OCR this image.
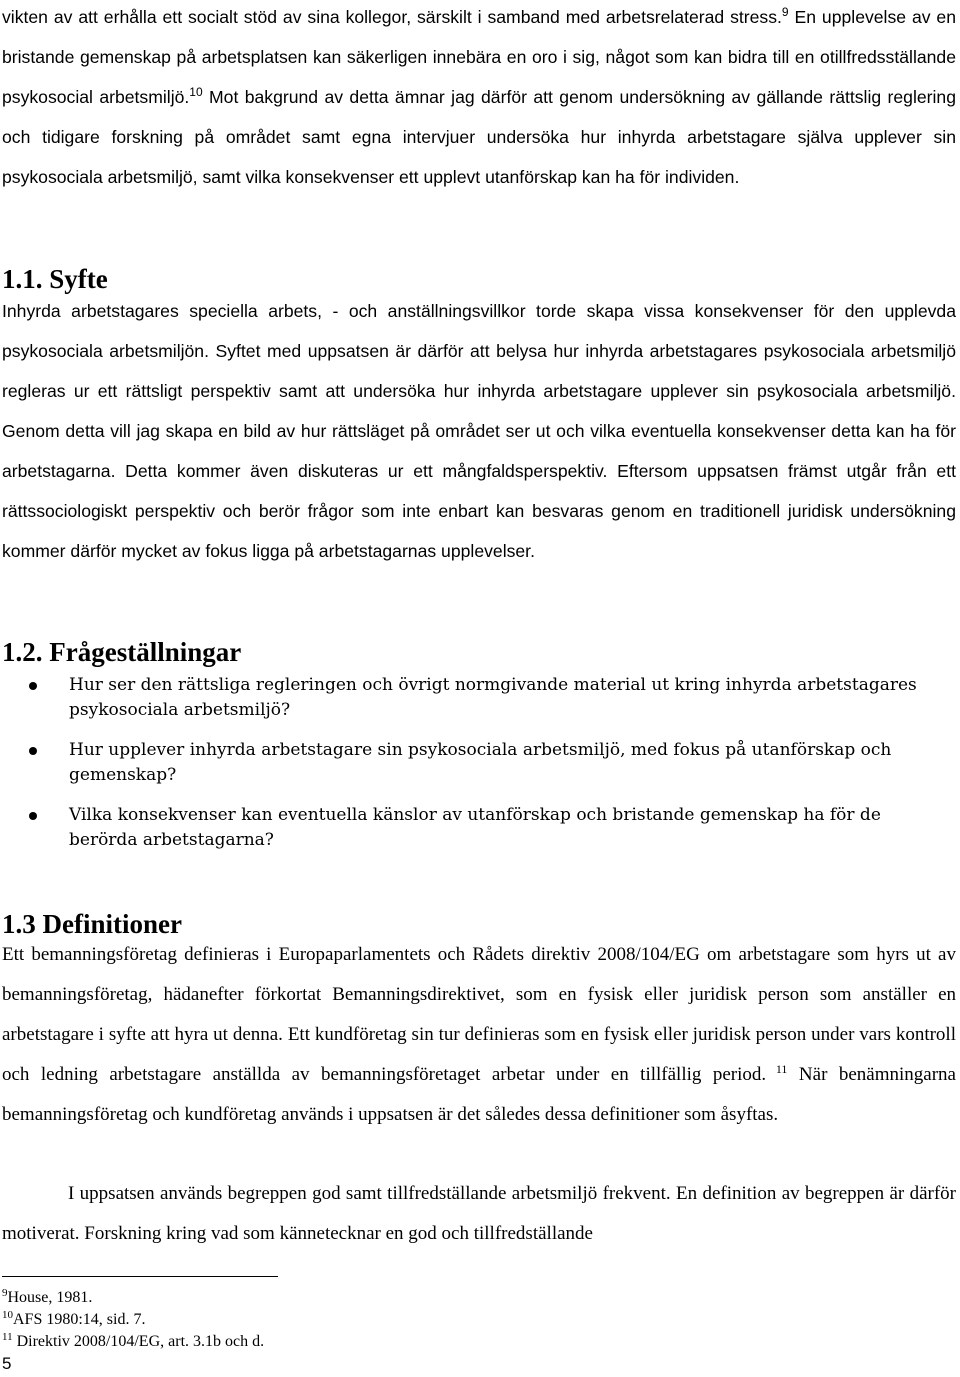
vikten av att erhålla ett socialt stöd av sina kollegor, särskilt i samband med arbetsrelaterad stress.$^9$ En upplevelse av en bristande gemenskap på arbetsplatsen kan säkerligen innebära en oro i sig, något som kan bidra till en otillfredsställande psykosocial arbetsmiljö.$^{10}$ Mot bakgrund av detta ämnar jag därför att genom undersökning av gällande rättslig reglering och tidigare forskning på området samt egna intervjuer undersöka hur inhyrda arbetstagare själva upplever sin psykosociala arbetsmiljö, samt vilka konsekvenser ett upplevt utanförskap kan ha för individen.

1.1. Syfte

Inhyrda arbetstagares speciella arbets, - och anställningsvillkor torde skapa vissa konsekvenser för den upplevda psykosociala arbetsmiljön. Syftet med uppsatsen är därför att belysa hur inhyrda arbetstagares psykosociala arbetsmiljö regleras ur ett rättsligt perspektiv samt att undersöka hur inhyrda arbetstagare upplever sin psykosociala arbetsmiljö. Genom detta vill jag skapa en bild av hur rättsläget på området ser ut och vilka eventuella konsekvenser detta kan ha för arbetstagarna. Detta kommer även diskuteras ur ett mångfaldsperspektiv. Eftersom uppsatsen främst utgår från ett rättssociologiskt perspektiv och berör frågor som inte enbart kan besvaras genom en traditionell juridisk undersökning kommer därför mycket av fokus ligga på arbetstagarnas upplevelser.

1.2. Frågeställningar
Hur ser den rättsliga regleringen och övrigt normgivande material ut kring inhyrda arbetstagares psykosociala arbetsmiljö?
Hur upplever inhyrda arbetstagare sin psykosociala arbetsmiljö, med fokus på utanförskap och gemenskap?
Vilka konsekvenser kan eventuella känslor av utanförskap och bristande gemenskap ha för de berörda arbetstagarna?
1.3 Definitioner

Ett bemanningsföretag definieras i Europaparlamentets och Rådets direktiv 2008/104/EG om arbetstagare som hyrs ut av bemanningsföretag, hädanefter förkortat Bemanningsdirektivet, som en fysisk eller juridisk person som anställer en arbetstagare i syfte att hyra ut denna. Ett kundföretag sin tur definieras som en fysisk eller juridisk person under vars kontroll och ledning arbetstagare anställda av bemanningsföretaget arbetar under en tillfällig period. $^{11}$ När benämningarna bemanningsföretag och kundföretag används i uppsatsen är det således dessa definitioner som åsyftas.

I uppsatsen används begreppen god samt tillfredställande arbetsmiljö frekvent. En definition av begreppen är därför motiverat. Forskning kring vad som kännetecknar en god och tillfredställande

$^9$House, 1981.
$^{10}$AFS 1980:14, sid. 7.
$^{11}$ Direktiv 2008/104/EG, art. 3.1b och d.
5
